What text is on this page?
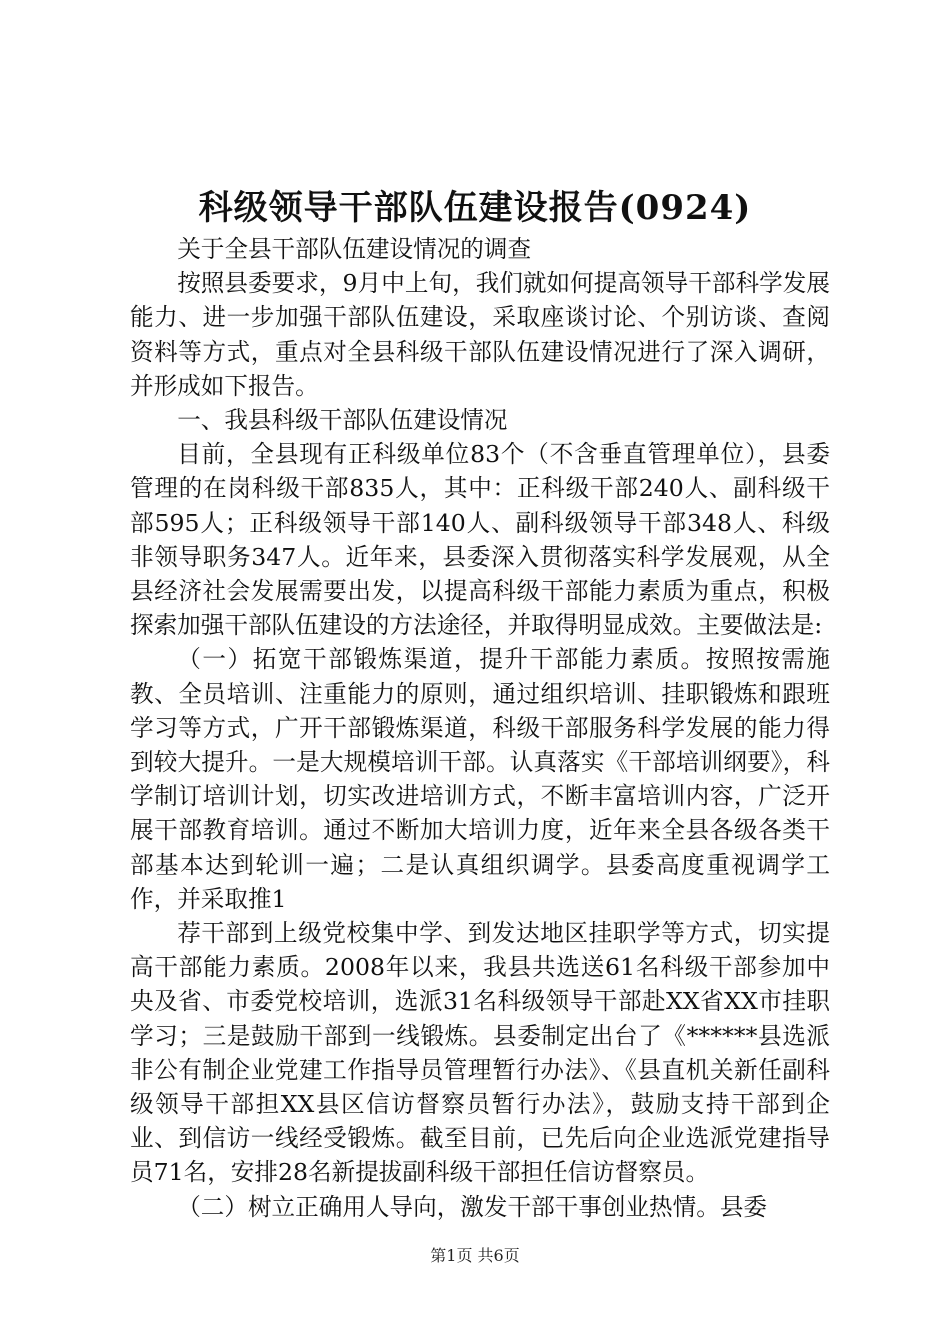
科级领导干部队伍建设报告(0924)

关于全县干部队伍建设情况的调查

按照县委要求，9月中上旬，我们就如何提高领导干部科学发展能力、进一步加强干部队伍建设，采取座谈讨论、个别访谈、查阅资料等方式，重点对全县科级干部队伍建设情况进行了深入调研，并形成如下报告。

一、我县科级干部队伍建设情况

目前，全县现有正科级单位83个（不含垂直管理单位），县委管理的在岗科级干部835人，其中：正科级干部240人、副科级干部595人；正科级领导干部140人、副科级领导干部348人、科级非领导职务347人。近年来，县委深入贯彻落实科学发展观，从全县经济社会发展需要出发，以提高科级干部能力素质为重点，积极探索加强干部队伍建设的方法途径，并取得明显成效。主要做法是:

（一）拓宽干部锻炼渠道，提升干部能力素质。按照按需施教、全员培训、注重能力的原则，通过组织培训、挂职锻炼和跟班学习等方式，广开干部锻炼渠道，科级干部服务科学发展的能力得到较大提升。一是大规模培训干部。认真落实《干部培训纲要》，科学制订培训计划，切实改进培训方式，不断丰富培训内容，广泛开展干部教育培训。通过不断加大培训力度，近年来全县各级各类干部基本达到轮训一遍；二是认真组织调学。县委高度重视调学工作，并采取推1

荐干部到上级党校集中学、到发达地区挂职学等方式，切实提高干部能力素质。2008年以来，我县共选送61名科级干部参加中央及省、市委党校培训，选派31名科级领导干部赴XX省XX市挂职学习；三是鼓励干部到一线锻炼。县委制定出台了《******县选派非公有制企业党建工作指导员管理暂行办法》、《县直机关新任副科级领导干部担XX县区信访督察员暂行办法》，鼓励支持干部到企业、到信访一线经受锻炼。截至目前，已先后向企业选派党建指导员71名，安排28名新提拔副科级干部担任信访督察员。

（二）树立正确用人导向，激发干部干事创业热情。县委

第1页 共6页
